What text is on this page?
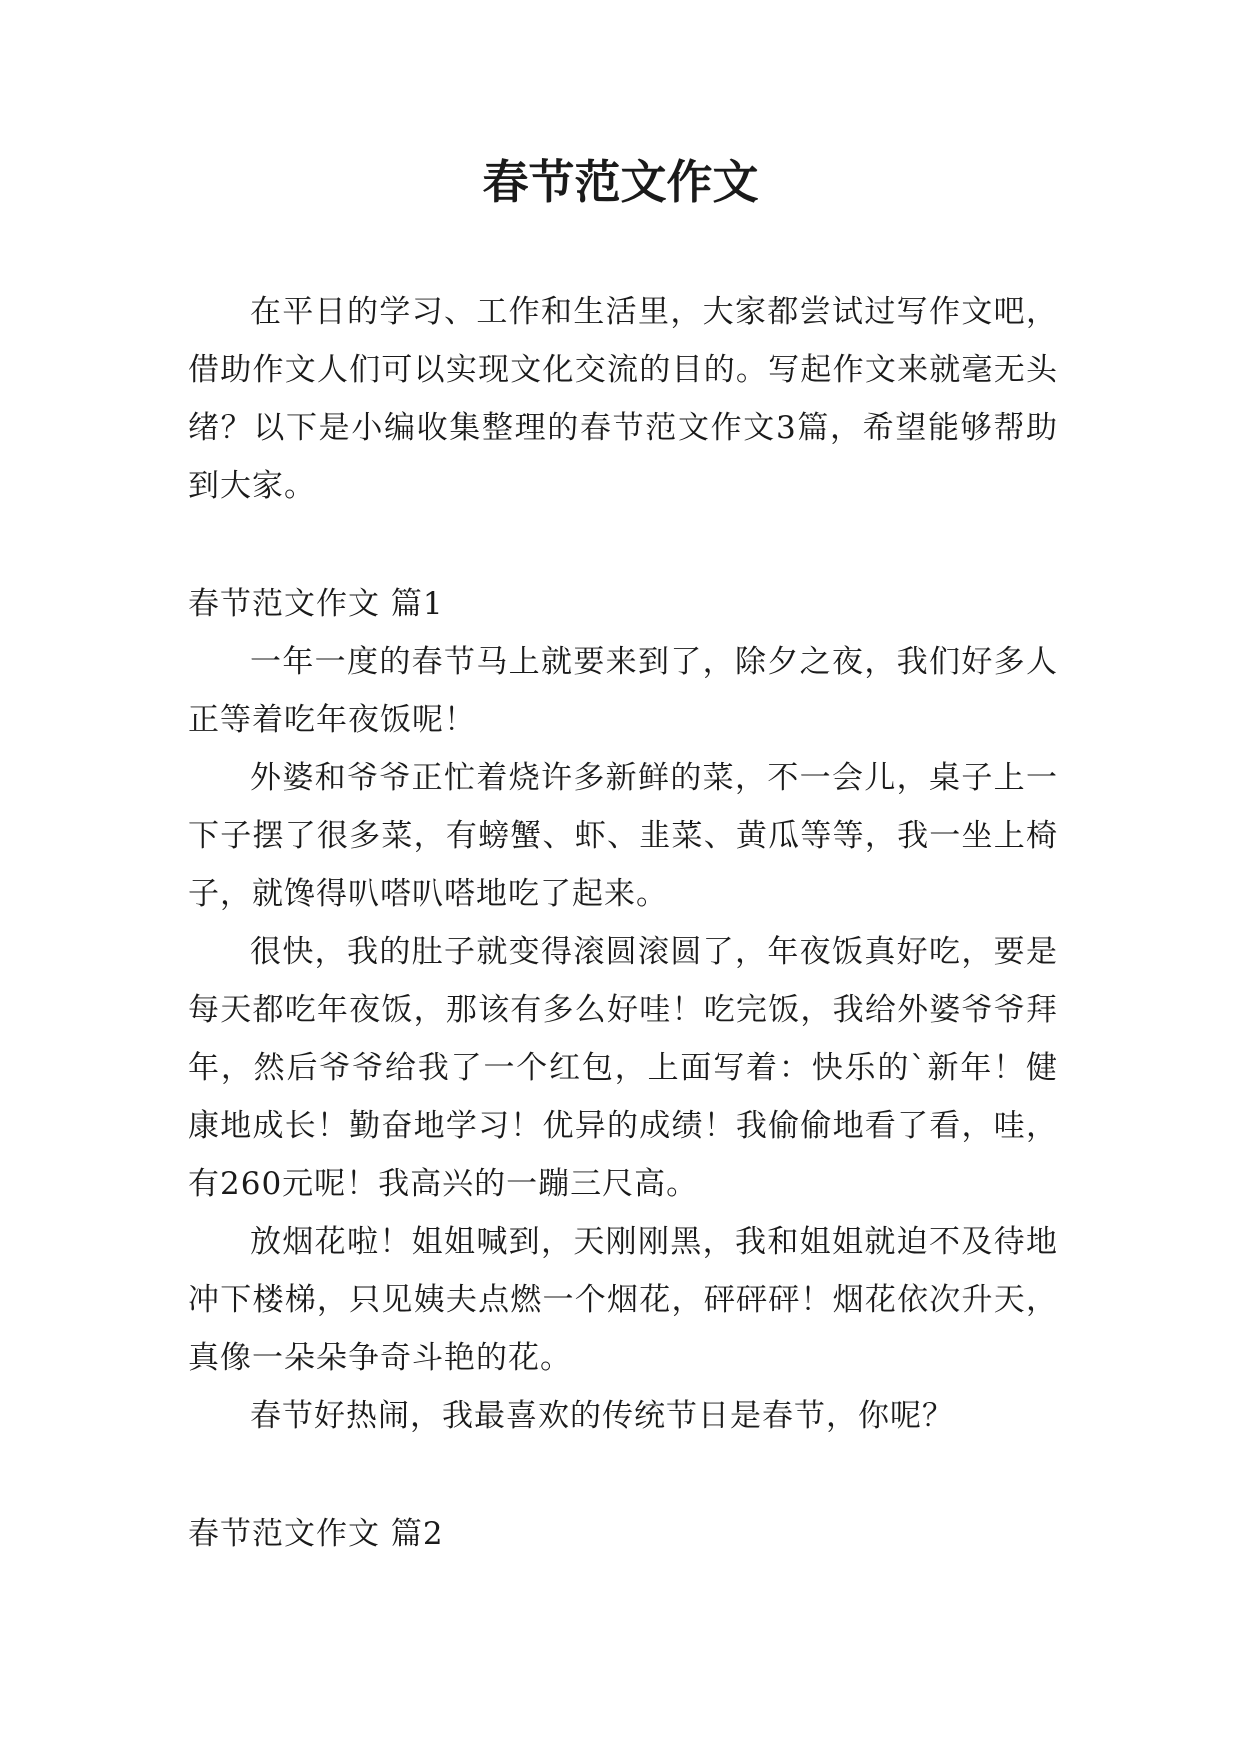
春节范文作文

在平日的学习、工作和生活里，大家都尝试过写作文吧，借助作文人们可以实现文化交流的目的。写起作文来就毫无头绪？以下是小编收集整理的春节范文作文3篇，希望能够帮助到大家。

春节范文作文 篇1

一年一度的春节马上就要来到了，除夕之夜，我们好多人正等着吃年夜饭呢！

外婆和爷爷正忙着烧许多新鲜的菜，不一会儿，桌子上一下子摆了很多菜，有螃蟹、虾、韭菜、黄瓜等等，我一坐上椅子，就馋得叭嗒叭嗒地吃了起来。

很快，我的肚子就变得滚圆滚圆了，年夜饭真好吃，要是每天都吃年夜饭，那该有多么好哇！吃完饭，我给外婆爷爷拜年，然后爷爷给我了一个红包，上面写着：快乐的`新年！健康地成长！勤奋地学习！优异的成绩！我偷偷地看了看，哇，有260元呢！我高兴的一蹦三尺高。

放烟花啦！姐姐喊到，天刚刚黑，我和姐姐就迫不及待地冲下楼梯，只见姨夫点燃一个烟花，砰砰砰！烟花依次升天，真像一朵朵争奇斗艳的花。

春节好热闹，我最喜欢的传统节日是春节，你呢？

春节范文作文 篇2
